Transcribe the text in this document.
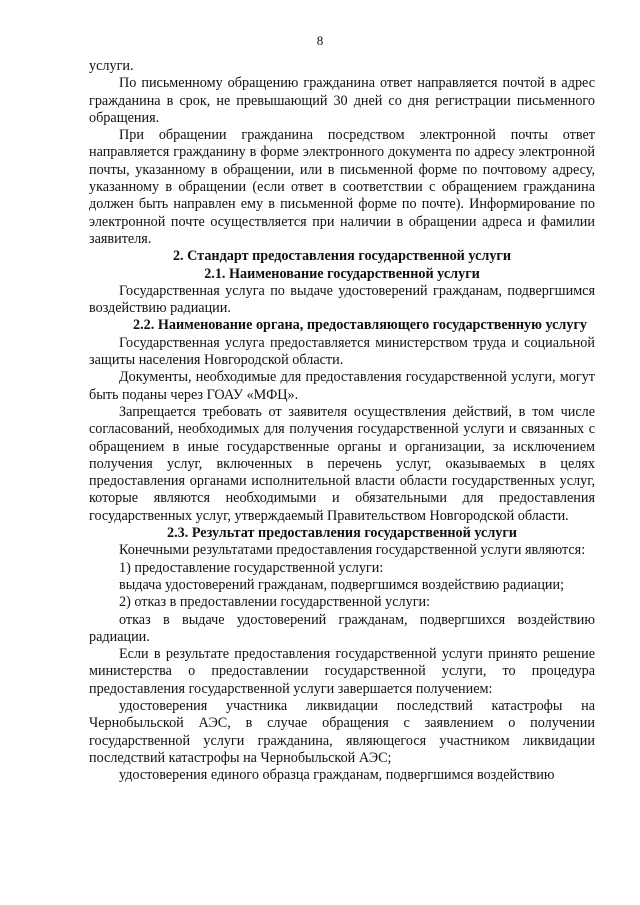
8

услуги.

По письменному обращению гражданина ответ направляется почтой в адрес гражданина в срок, не превышающий 30 дней со дня регистрации письменного обращения.

При обращении гражданина посредством электронной почты ответ направляется гражданину в форме электронного документа по адресу электронной почты, указанному в обращении, или в письменной форме по почтовому адресу, указанному в обращении (если ответ в соответствии с обращением гражданина должен быть направлен ему в письменной форме по почте). Информирование по электронной почте осуществляется при наличии в обращении адреса и фамилии заявителя.

2. Стандарт предоставления государственной услуги

2.1. Наименование государственной услуги

Государственная услуга по выдаче удостоверений гражданам, подвергшимся воздействию радиации.

2.2. Наименование органа, предоставляющего государственную услугу

Государственная услуга предоставляется министерством труда и социальной защиты населения Новгородской области.

Документы, необходимые для предоставления государственной услуги, могут быть поданы через ГОАУ «МФЦ».

Запрещается требовать от заявителя осуществления действий, в том числе согласований, необходимых для получения государственной услуги и связанных с обращением в иные государственные органы и организации, за исключением получения услуг, включенных в перечень услуг, оказываемых в целях предоставления органами исполнительной власти области государственных услуг, которые являются необходимыми и обязательными для предоставления государственных услуг, утверждаемый Правительством Новгородской области.

2.3. Результат предоставления государственной услуги

Конечными результатами предоставления государственной услуги являются:

1) предоставление государственной услуги:

выдача удостоверений гражданам, подвергшимся воздействию радиации;

2) отказ в предоставлении государственной услуги:

отказ в выдаче удостоверений гражданам, подвергшихся воздействию радиации.

Если в результате предоставления государственной услуги принято решение министерства о предоставлении государственной услуги, то процедура предоставления государственной услуги завершается получением:

удостоверения участника ликвидации последствий катастрофы на Чернобыльской АЭС, в случае обращения с заявлением о получении государственной услуги гражданина, являющегося участником ликвидации последствий катастрофы на Чернобыльской АЭС;

удостоверения единого образца гражданам, подвергшимся воздействию
